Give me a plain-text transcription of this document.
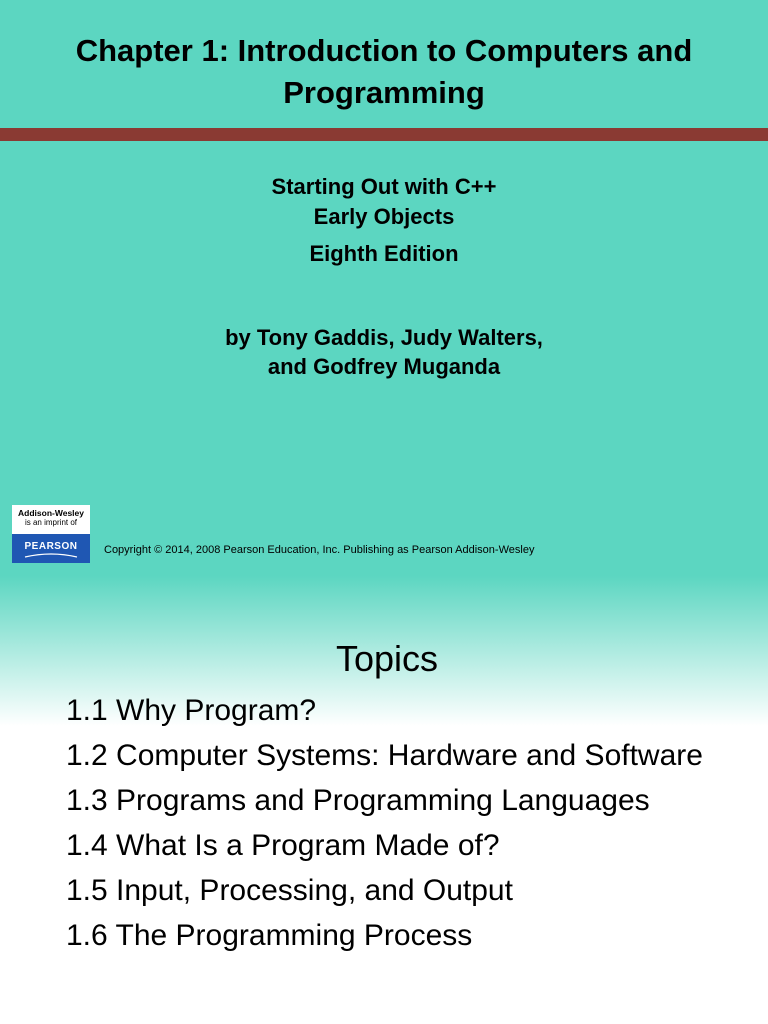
Chapter 1: Introduction to Computers and
Programming
Starting Out with C++
Early Objects
Eighth Edition
by Tony Gaddis, Judy Walters,
and Godfrey Muganda
Addison-Wesley
is an imprint of
PEARSON	Copyright © 2014, 2008 Pearson Education, Inc. Publishing as Pearson Addison-Wesley
Topics
1.1 Why Program?
1.2 Computer Systems: Hardware and Software
1.3 Programs and Programming Languages
1.4 What Is a Program Made of?
1.5 Input, Processing, and Output
1.6 The Programming Process
